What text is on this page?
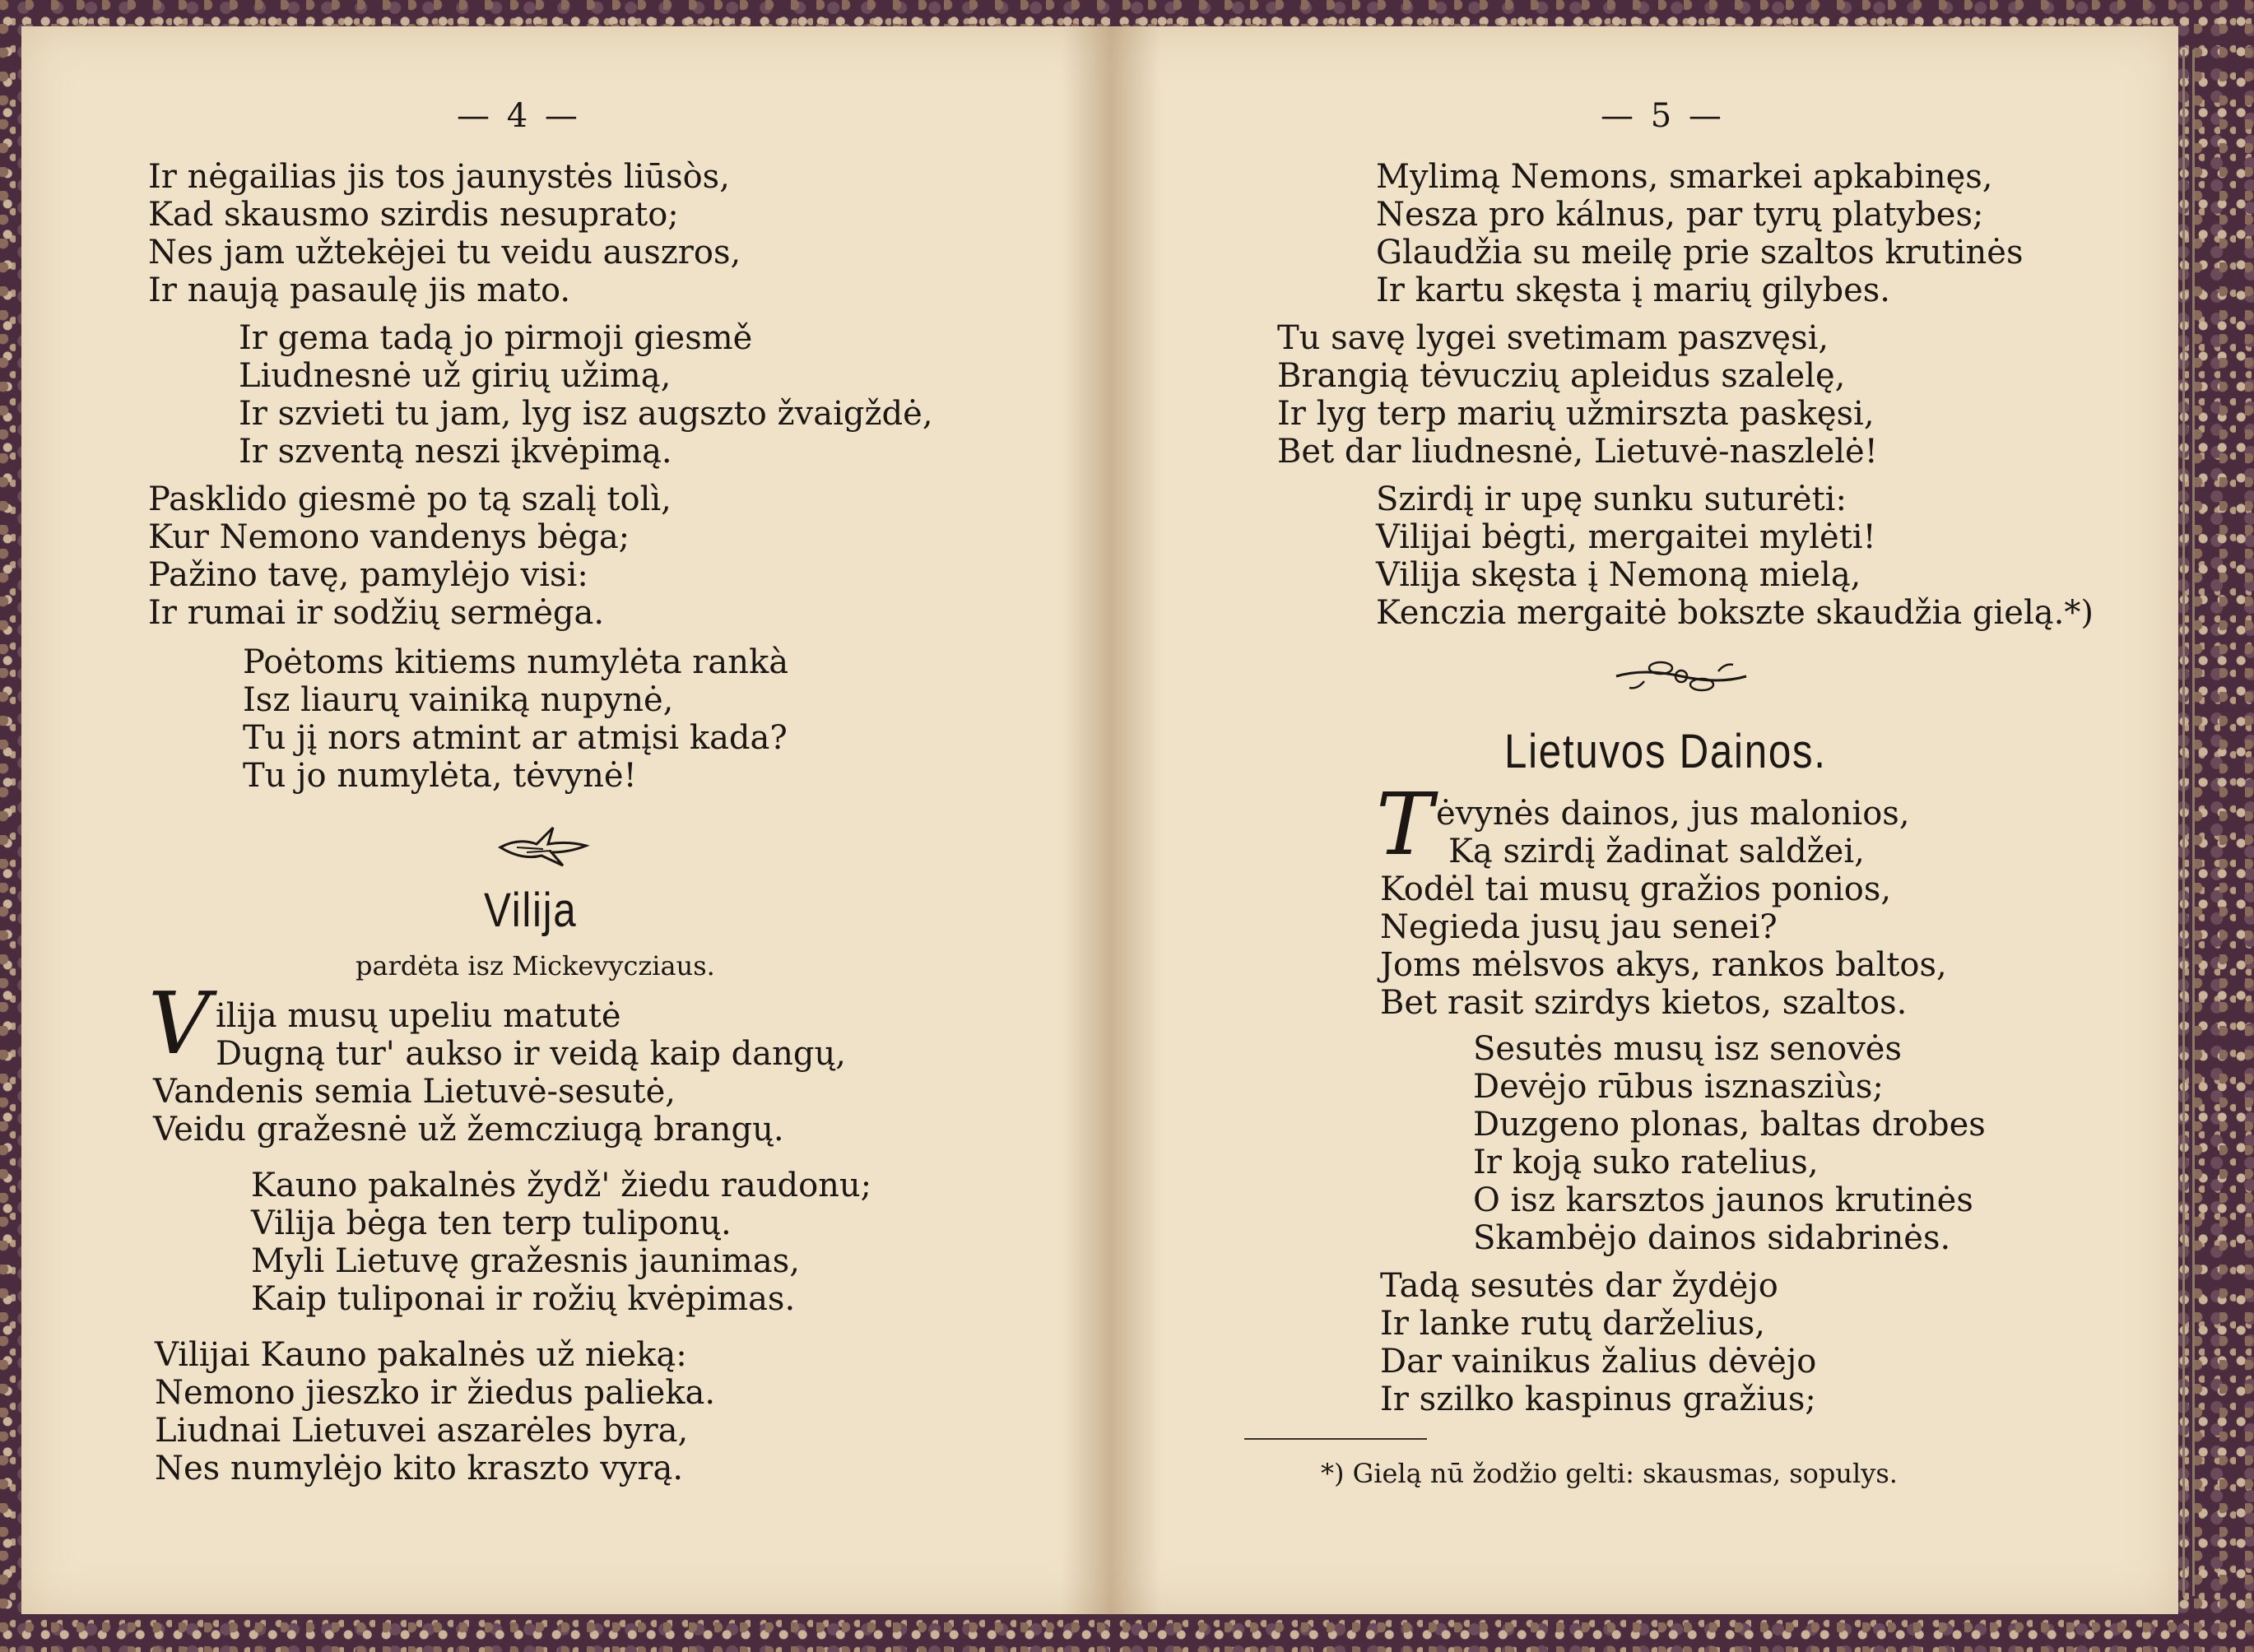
— 4 —

Ir nėgailias jis tos jaunystės liūsòs,

Kad skausmo szirdis nesuprato;

Nes jam užtekėjei tu veidu auszros,

Ir naują pasaulę jis mato.

Ir gema tadą jo pirmoji giesmě

Liudnesnė už girių užimą,

Ir szvieti tu jam, lyg isz augszto žvaigždė,

Ir szventą neszi įkvėpimą.

Pasklido giesmė po tą szalį tolì,

Kur Nemono vandenys bėga;

Pažino tavę, pamylėjo visi:

Ir rumai ir sodžių sermėga.

Poėtoms kitiems numylėta rankà

Isz liaurų vainiką nupynė,

Tu jį nors atmint ar atmįsi kada?

Tu jo numylėta, tėvynė!

Vilija

pardėta isz Mickevycziaus.

V ilija musų upeliu matutė

Dugną tur' aukso ir veidą kaip dangų,

Vandenis semia Lietuvė-sesutė,

Veidu gražesnė už žemcziugą brangų.

Kauno pakalnės žydž' žiedu raudonu;

Vilija bėga ten terp tuliponų.

Myli Lietuvę gražesnis jaunimas,

Kaip tuliponai ir rožių kvėpimas.

Vilijai Kauno pakalnės už nieką:

Nemono jieszko ir žiedus palieka.

Liudnai Lietuvei aszarėles byra,

Nes numylėjo kito kraszto vyrą.

— 5 —

Mylimą Nemons, smarkei apkabinęs,

Nesza pro kálnus, par tyrų platybes;

Glaudžia su meilę prie szaltos krutinės

Ir kartu skęsta į marių gilybes.

Tu savę lygei svetimam paszvęsi,

Brangią tėvuczių apleidus szalelę,

Ir lyg terp marių užmirszta paskęsi,

Bet dar liudnesnė, Lietuvė-naszlelė!

Szirdį ir upę sunku suturėti:

Vilijai bėgti, mergaitei mylėti!

Vilija skęsta į Nemoną mielą,

Kenczia mergaitė bokszte skaudžia gielą.*)

Lietuvos Dainos.

T ėvynės dainos, jus malonios,

Ką szirdį žadinat saldžei,

Kodėl tai musų gražios ponios,

Negieda jusų jau senei?

Joms mėlsvos akys, rankos baltos,

Bet rasit szirdys kietos, szaltos.

Sesutės musų isz senovės

Devėjo rūbus isznasziùs;

Duzgeno plonas, baltas drobes

Ir koją suko ratelius,

O isz karsztos jaunos krutinės

Skambėjo dainos sidabrinės.

Tadą sesutės dar žydėjo

Ir lanke rutų darželius,

Dar vainikus žalius dėvėjo

Ir szilko kaspinus gražius;

*) Gielą nū žodžio gelti: skausmas, sopulys.
